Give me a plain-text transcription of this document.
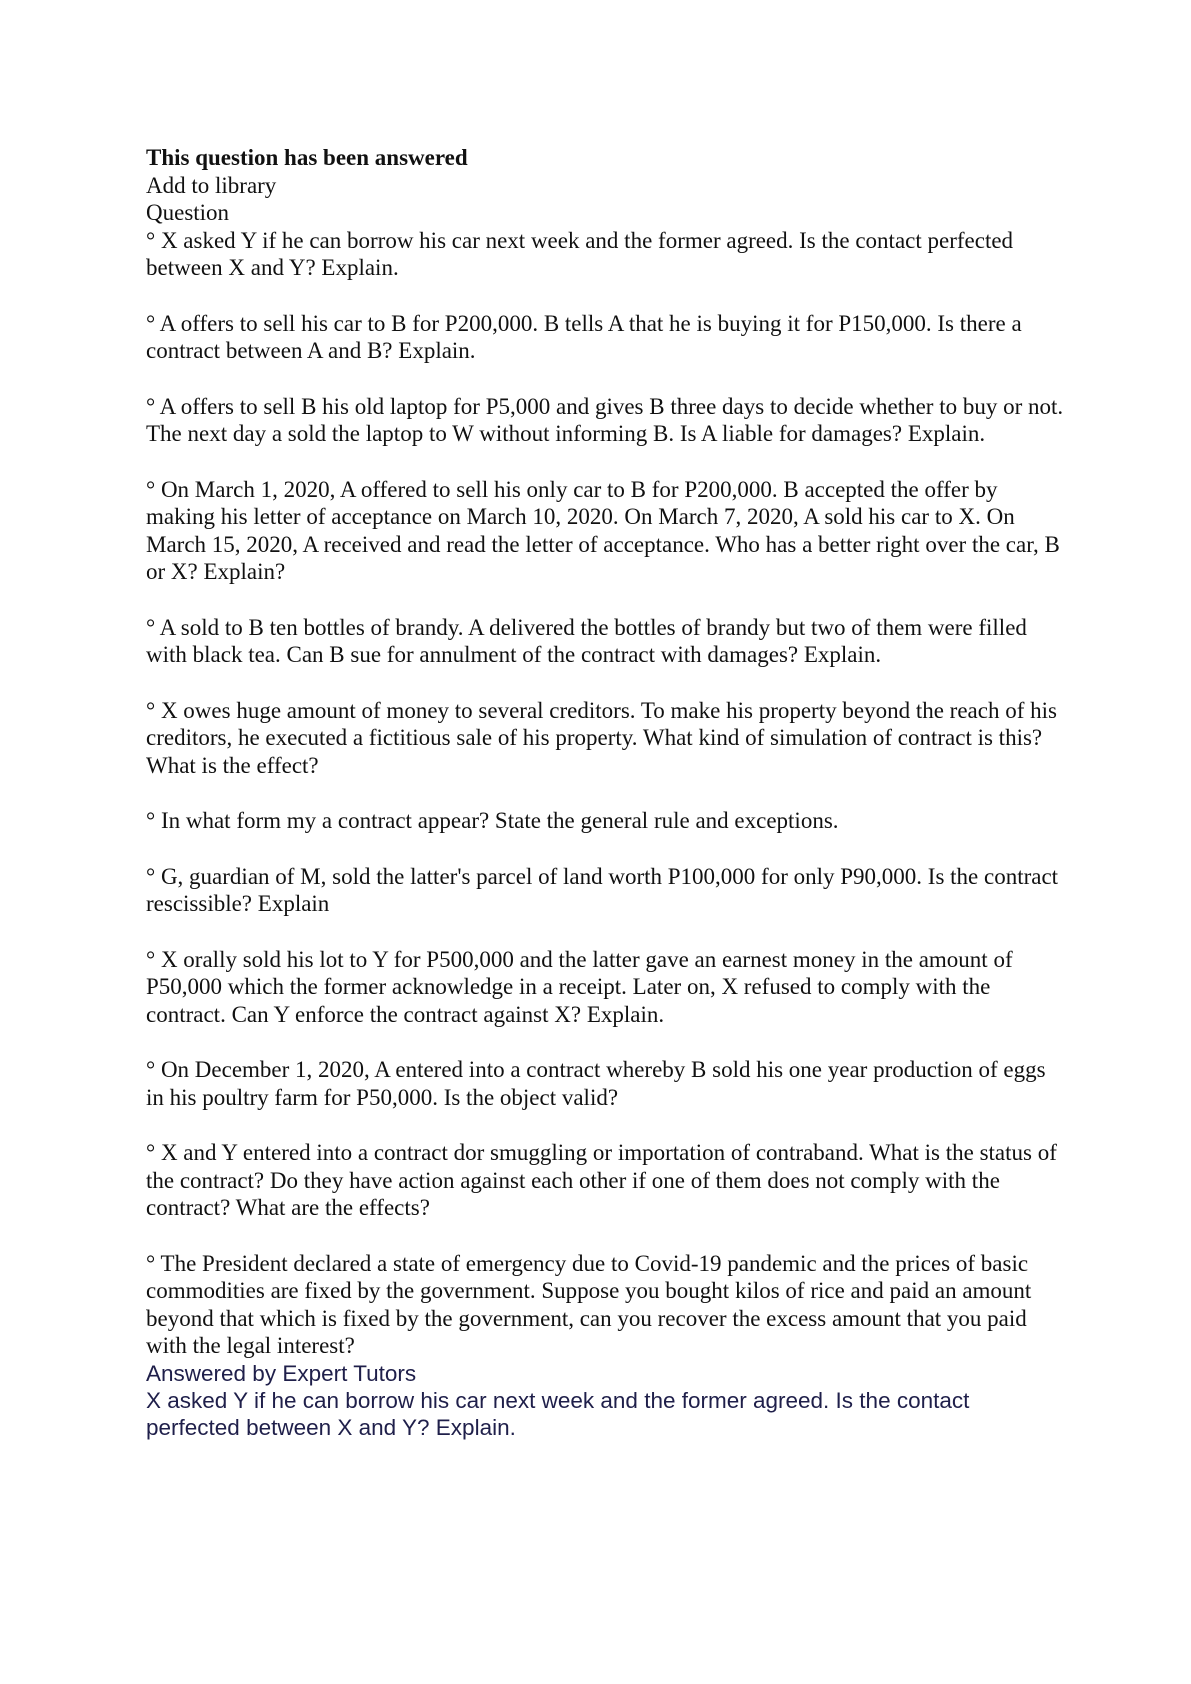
This question has been answered

Add to library

Question

° X asked Y if he can borrow his car next week and the former agreed. Is the contact perfected between X and Y? Explain.

° A offers to sell his car to B for P200,000. B tells A that he is buying it for P150,000. Is there a contract between A and B? Explain.

° A offers to sell B his old laptop for P5,000 and gives B three days to decide whether to buy or not. The next day a sold the laptop to W without informing B. Is A liable for damages? Explain.

° On March 1, 2020, A offered to sell his only car to B for P200,000. B accepted the offer by making his letter of acceptance on March 10, 2020. On March 7, 2020, A sold his car to X. On March 15, 2020, A received and read the letter of acceptance. Who has a better right over the car, B or X? Explain?

° A sold to B ten bottles of brandy. A delivered the bottles of brandy but two of them were filled with black tea. Can B sue for annulment of the contract with damages? Explain.

° X owes huge amount of money to several creditors. To make his property beyond the reach of his creditors, he executed a fictitious sale of his property. What kind of simulation of contract is this? What is the effect?

° In what form my a contract appear? State the general rule and exceptions.

° G, guardian of M, sold the latter's parcel of land worth P100,000 for only P90,000. Is the contract rescissible? Explain

° X orally sold his lot to Y for P500,000 and the latter gave an earnest money in the amount of P50,000 which the former acknowledge in a receipt. Later on, X refused to comply with the contract. Can Y enforce the contract against X? Explain.

° On December 1, 2020, A entered into a contract whereby B sold his one year production of eggs in his poultry farm for P50,000. Is the object valid?

° X and Y entered into a contract dor smuggling or importation of contraband. What is the status of the contract? Do they have action against each other if one of them does not comply with the contract? What are the effects?

° The President declared a state of emergency due to Covid-19 pandemic and the prices of basic commodities are fixed by the government. Suppose you bought kilos of rice and paid an amount beyond that which is fixed by the government, can you recover the excess amount that you paid with the legal interest?

Answered by Expert Tutors

X asked Y if he can borrow his car next week and the former agreed. Is the contact perfected between X and Y? Explain.
